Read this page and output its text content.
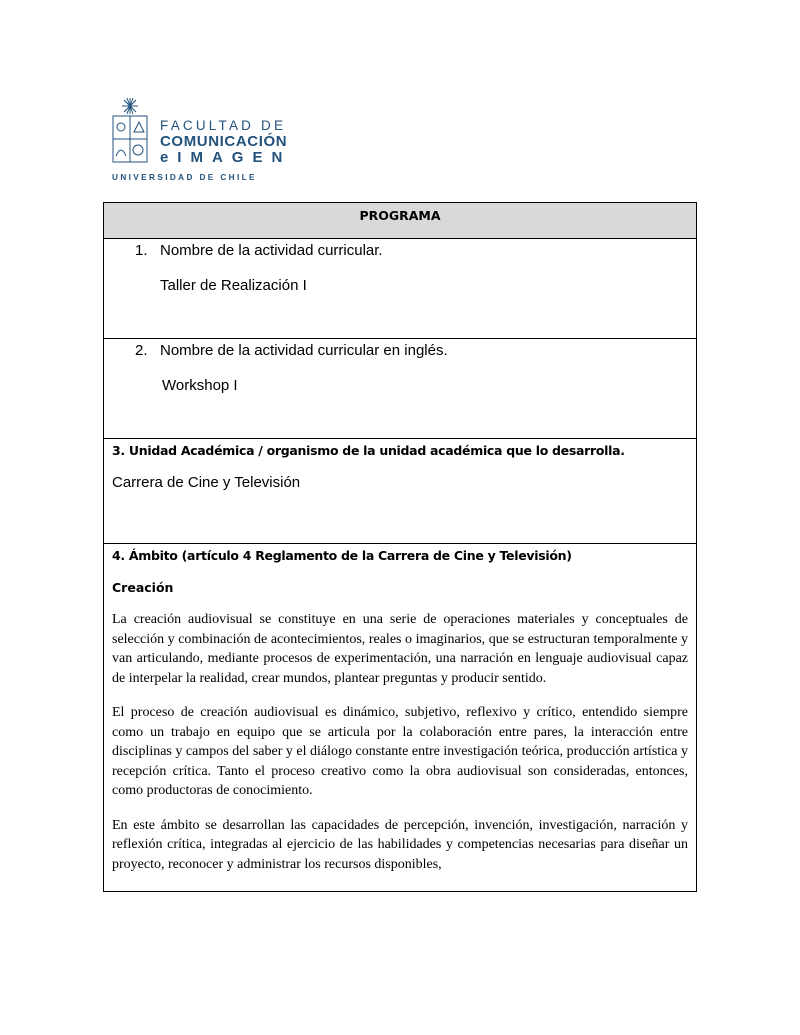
FACULTAD DE
COMUNICACIÓN
e IMAGEN
UNIVERSIDAD DE CHILE
PROGRAMA

1. Nombre de la actividad curricular.
Taller de Realización I

2. Nombre de la actividad curricular en inglés.
Workshop I

3. Unidad Académica / organismo de la unidad académica que lo desarrolla.
Carrera de Cine y Televisión

4. Ámbito (artículo 4 Reglamento de la Carrera de Cine y Televisión)
Creación
La creación audiovisual se constituye en una serie de operaciones materiales y conceptuales de selección y combinación de acontecimientos, reales o imaginarios, que se estructuran temporalmente y van articulando, mediante procesos de experimentación, una narración en lenguaje audiovisual capaz de interpelar la realidad, crear mundos, plantear preguntas y producir sentido.
El proceso de creación audiovisual es dinámico, subjetivo, reflexivo y crítico, entendido siempre como un trabajo en equipo que se articula por la colaboración entre pares, la interacción entre disciplinas y campos del saber y el diálogo constante entre investigación teórica, producción artística y recepción crítica. Tanto el proceso creativo como la obra audiovisual son consideradas, entonces, como productoras de conocimiento.
En este ámbito se desarrollan las capacidades de percepción, invención, investigación, narración y reflexión crítica, integradas al ejercicio de las habilidades y competencias necesarias para diseñar un proyecto, reconocer y administrar los recursos disponibles,
